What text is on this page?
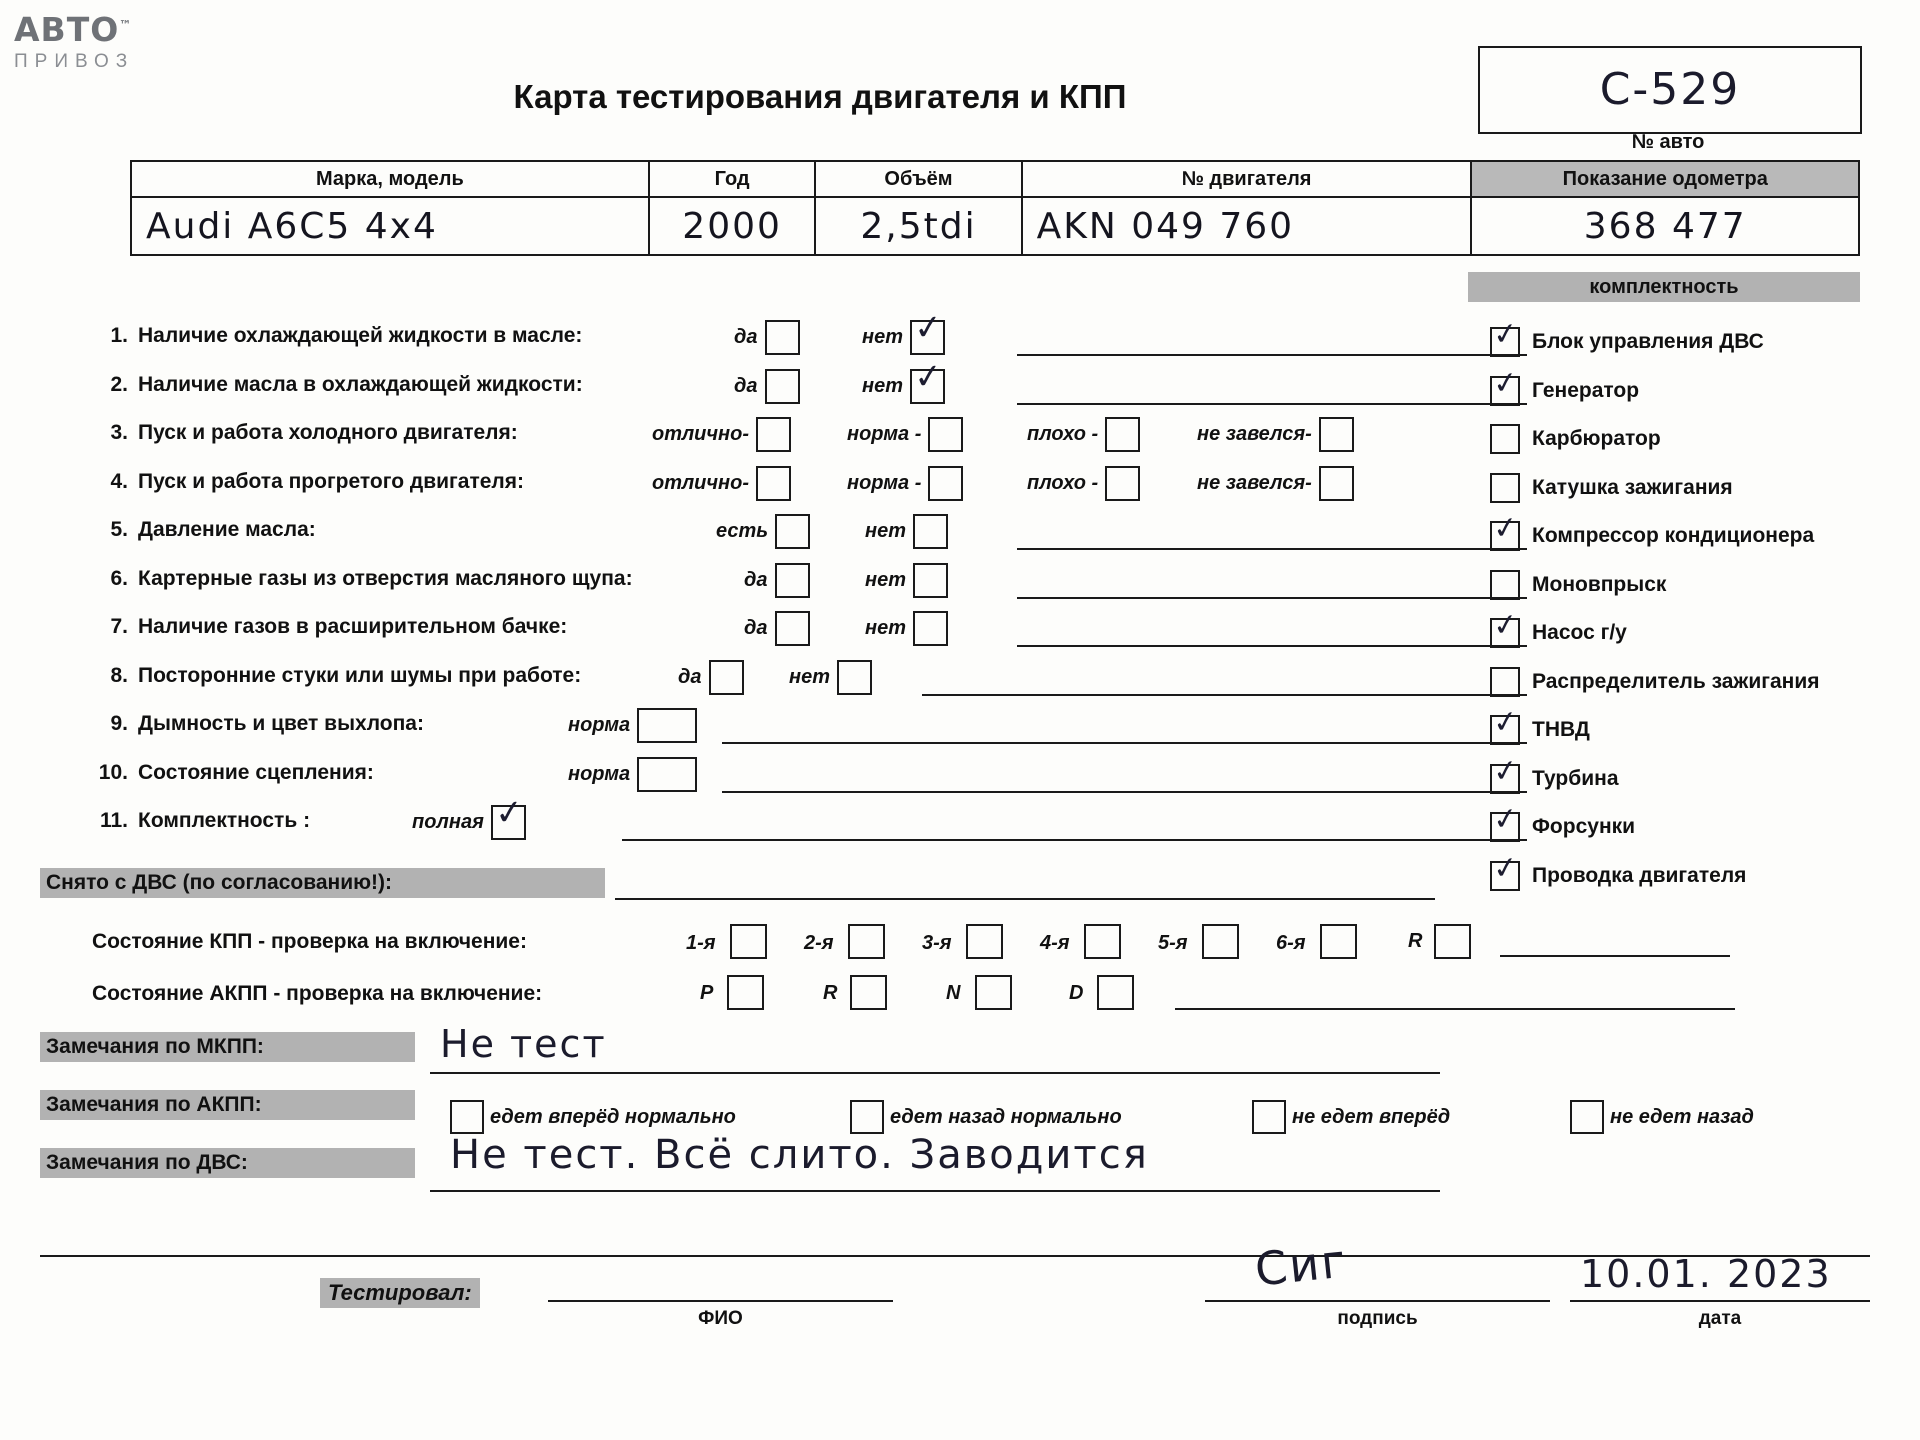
АВТО™
ПРИВОЗ
Карта тестирования двигателя и КПП	С-529
№ авто
Марка, модель	Год	Объём	№ двигателя	Показание одометра
Audi A6C5 4x4	2000	2,5tdi	AKN 049 760	368 477
комплектность
✓
Блок управления ДВС
✓
Генератор
Карбюратор
Катушка зажигания
✓
Компрессор кондиционера
Моновпрыск
✓
Насос г/у
Распределитель зажигания
✓
ТНВД
✓
Турбина
✓
Форсунки
✓
Проводка двигателя
1. Наличие охлаждающей жидкости в масле:	да	нет
✓
2. Наличие масла в охлаждающей жидкости:	да	нет
✓
3. Пуск и работа холодного двигателя:	отлично-	норма -	плохо -	не завелся-
4. Пуск и работа прогретого двигателя:	отлично-	норма -	плохо -	не завелся-
5. Давление масла:	есть	нет
6. Картерные газы из отверстия масляного щупа:	да	нет
7. Наличие газов в расширительном бачке:	да	нет
8. Посторонние стуки или шумы при работе:	да	нет
9. Дымность и цвет выхлопа:	норма
10. Состояние сцепления:	норма
11. Комплектность :	полная
✓
Снято с ДВС (по согласованию!):
Состояние КПП - проверка на включение:	1-я	2-я	3-я	4-я	5-я	6-я	R
Состояние АКПП - проверка на включение:	P	R	N	D
Замечания по МКПП:	Не тест
Замечания по АКПП:
едет вперёд нормально	едет назад нормально	не едет вперёд	не едет назад
Замечания по ДВС:	Не тест. Всё слито. Заводится
Тестировал:
ФИО	подпись
Сиг
дата
10.01. 2023
